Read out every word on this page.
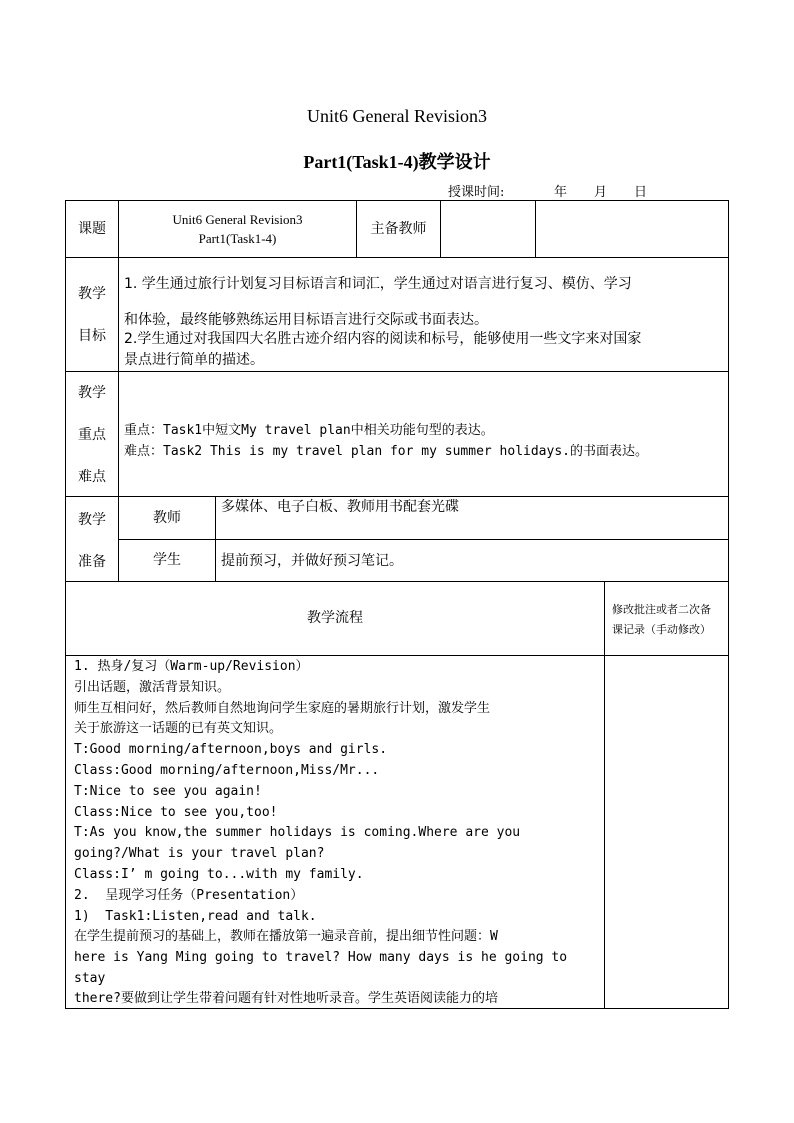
Unit6 General Revision3
Part1(Task1-4)教学设计
授课时间:	年 月 日
课题
Unit6 General Revision3
Part1(Task1-4)
主备教师
教学
目标
1. 学生通过旅行计划复习目标语言和词汇，学生通过对语言进行复习、模仿、学习
和体验，最终能够熟练运用目标语言进行交际或书面表达。
2.学生通过对我国四大名胜古迹介绍内容的阅读和标号，能够使用一些文字来对国家
景点进行简单的描述。
教学
重点
难点
重点：Task1中短文My travel plan中相关功能句型的表达。
难点：Task2 This is my travel plan for my summer holidays.的书面表达。
教学
准备
教师
多媒体、电子白板、教师用书配套光碟
学生	提前预习，并做好预习笔记。
教学流程
修改批注或者二次备
课记录（手动修改）
1. 热身/复习（Warm-up/Revision）
引出话题，激活背景知识。
师生互相问好，然后教师自然地询问学生家庭的暑期旅行计划，激发学生
关于旅游这一话题的已有英文知识。
T:Good morning/afternoon,boys and girls.
Class:Good morning/afternoon,Miss/Mr...
T:Nice to see you again!
Class:Nice to see you,too!
T:As you know,the summer holidays is coming.Where are you
going?/What is your travel plan?
Class:I’ m going to...with my family.
2.  呈现学习任务（Presentation）
1)  Task1:Listen,read and talk.
在学生提前预习的基础上，教师在播放第一遍录音前，提出细节性问题：W
here is Yang Ming going to travel? How many days is he going to
stay
there?要做到让学生带着问题有针对性地听录音。学生英语阅读能力的培
